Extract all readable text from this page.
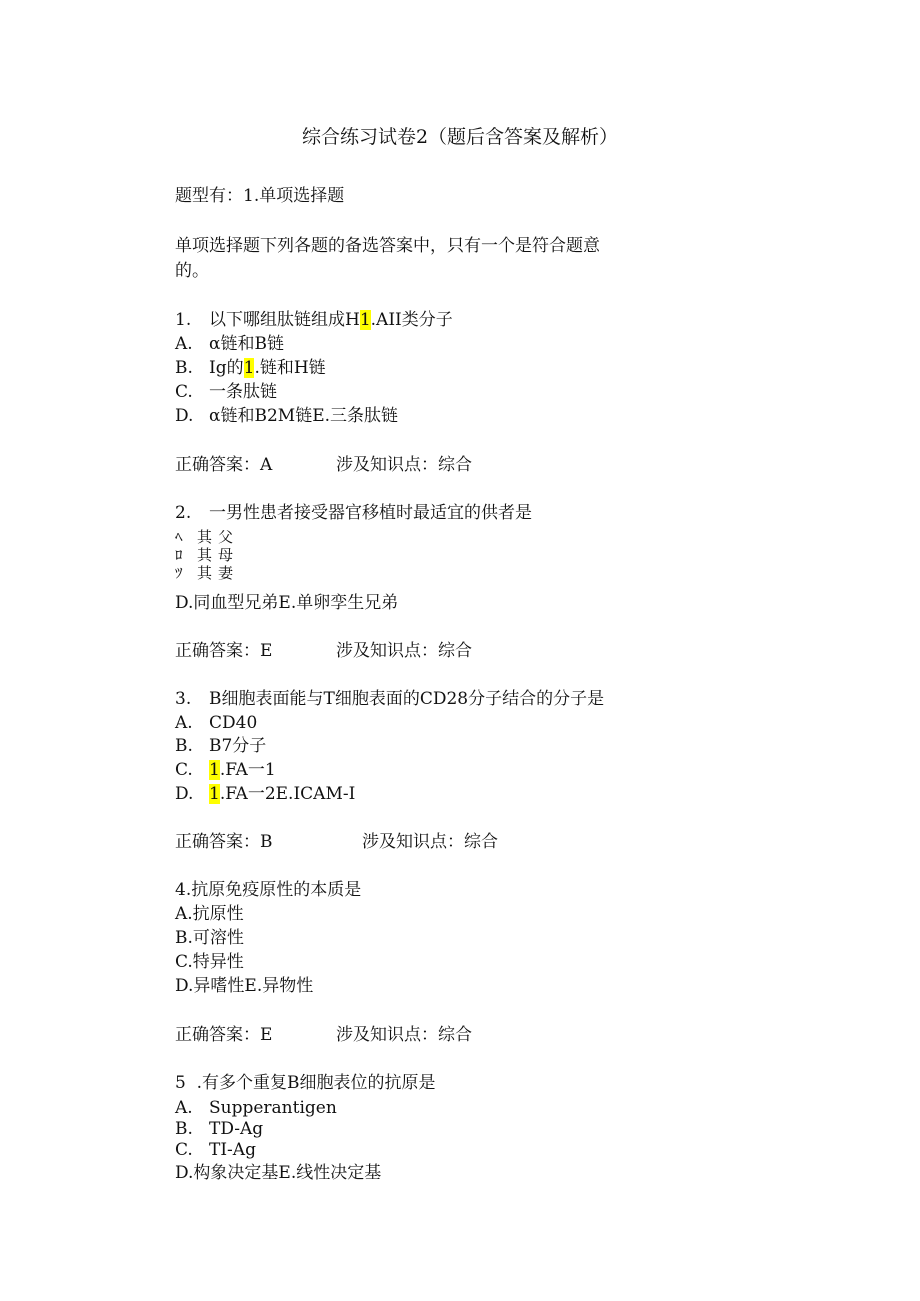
综合练习试卷2（题后含答案及解析）
题型有：1.单项选择题
单项选择题下列各题的备选答案中，只有一个是符合题意
的。
1. 以下哪组肽链组成H1.AII类分子
A. α链和B链
B. Ig的1.链和H链
C. 一条肽链
D. α链和B2M链E.三条肽链
正确答案：A	涉及知识点：综合
2. 一男性患者接受器官移植时最适宜的供者是
ﾍ 其父
ﾛ 其母
ﾂ 其妻
D.同血型兄弟E.单卵孪生兄弟
正确答案：E	涉及知识点：综合
3. B细胞表面能与T细胞表面的CD28分子结合的分子是
A. CD40
B. B7分子
C. 1.FA一1
D. 1.FA一2E.ICAM-I
正确答案：B	涉及知识点：综合
4.抗原免疫原性的本质是
A.抗原性
B.可溶性
C.特异性
D.异嗜性E.异物性
正确答案：E	涉及知识点：综合
5  .有多个重复B细胞表位的抗原是
A. Supperantigen
B. TD-Ag
C. TI-Ag
D.构象决定基E.线性决定基
